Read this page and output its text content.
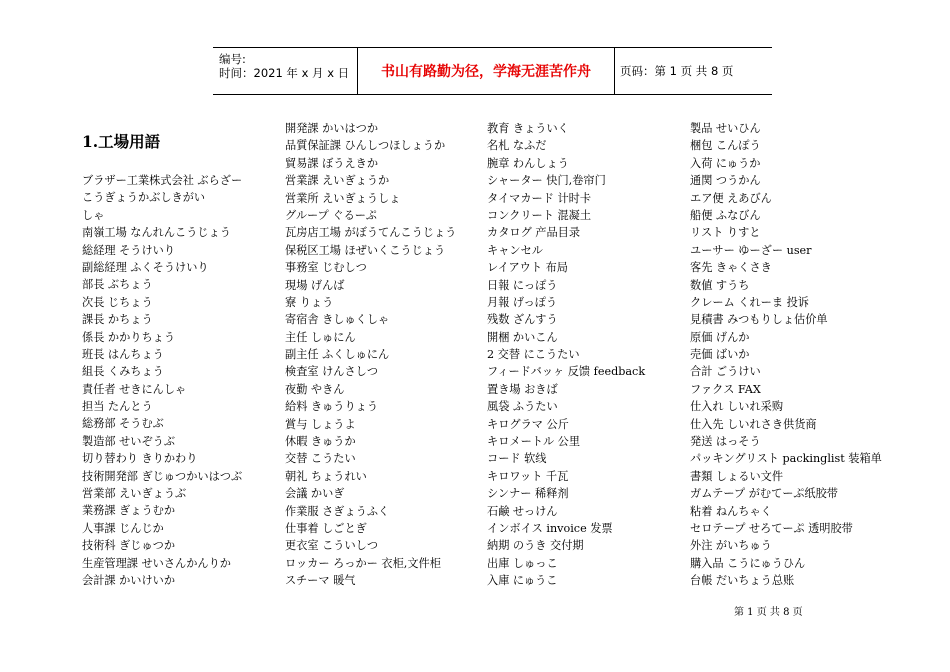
编号:
时间：2021 年 x 月 x 日	书山有路勤为径，学海无涯苦作舟	页码：第 1 页 共 8 页
1.工場用語
ブラザー工業株式会社 ぶらざー
こうぎょうかぶしきがい
しゃ
南嶺工場 なんれんこうじょう
総経理 そうけいり
副総経理 ふくそうけいり
部長 ぶちょう
次長 じちょう
課長 かちょう
係長 かかりちょう
班長 はんちょう
組長 くみちょう
責任者 せきにんしゃ
担当 たんとう
総務部 そうむぶ
製造部 せいぞうぶ
切り替わり きりかわり
技術開発部 ぎじゅつかいはつぶ
営業部 えいぎょうぶ
業務課 ぎょうむか
人事課 じんじか
技術科 ぎじゅつか
生産管理課 せいさんかんりか
会計課 かいけいか
開発課 かいはつか
品質保証課 ひんしつほしょうか
貿易課 ぼうえきか
営業課 えいぎょうか
営業所 えいぎょうしょ
グループ ぐるーぷ
瓦房店工場 がぼうてんこうじょう
保税区工場 ほぜいくこうじょう
事務室 じむしつ
現場 げんば
寮 りょう
寄宿舎 きしゅくしゃ
主任 しゅにん
副主任 ふくしゅにん
検査室 けんさしつ
夜勤 やきん
給料 きゅうりょう
賞与 しょうよ
休暇 きゅうか
交替 こうたい
朝礼 ちょうれい
会議 かいぎ
作業服 さぎょうふく
仕事着 しごとぎ
更衣室 こういしつ
ロッカー ろっかー 衣柜,文件柜
スチーマ 暖气
教育 きょういく
名札 なふだ
腕章 わんしょう
シャーター 快门,卷帘门
タイマカード 计时卡
コンクリート 混凝土
カタログ 产品目录
キャンセル
レイアウト 布局
日報 にっぽう
月報 げっぽう
残数 ざんすう
開梱 かいこん
2 交替 にこうたい
フィードバッヶ 反馈 feedback
置き場 おきば
風袋 ふうたい
キログラマ 公斤
キロメートル 公里
コード 软线
キロワット 千瓦
シンナー 稀释剂
石鹸 せっけん
インボイス invoice 发票
納期 のうき 交付期
出庫 しゅっこ
入庫 にゅうこ
製品 せいひん
梱包 こんぽう
入荷 にゅうか
通関 つうかん
エア便 えあびん
船便 ふなびん
リスト りすと
ユーサー ゆーざー user
客先 きゃくさき
数値 すうち
クレーム くれーま 投诉
見積書 みつもりしょ估价单
原価 げんか
売価 ばいか
合計 ごうけい
ファクス FAX
仕入れ しいれ采购
仕入先 しいれさき供货商
発送 はっそう
パッキングリスト packinglist 装箱单
書類 しょるい文件
ガムテープ がむてーぷ纸胶带
粘着 ねんちゃく
セロテープ せろてーぷ 透明胶带
外注 がいちゅう
購入品 こうにゅうひん
台帳 だいちょう总账
第 1 页 共 8 页
